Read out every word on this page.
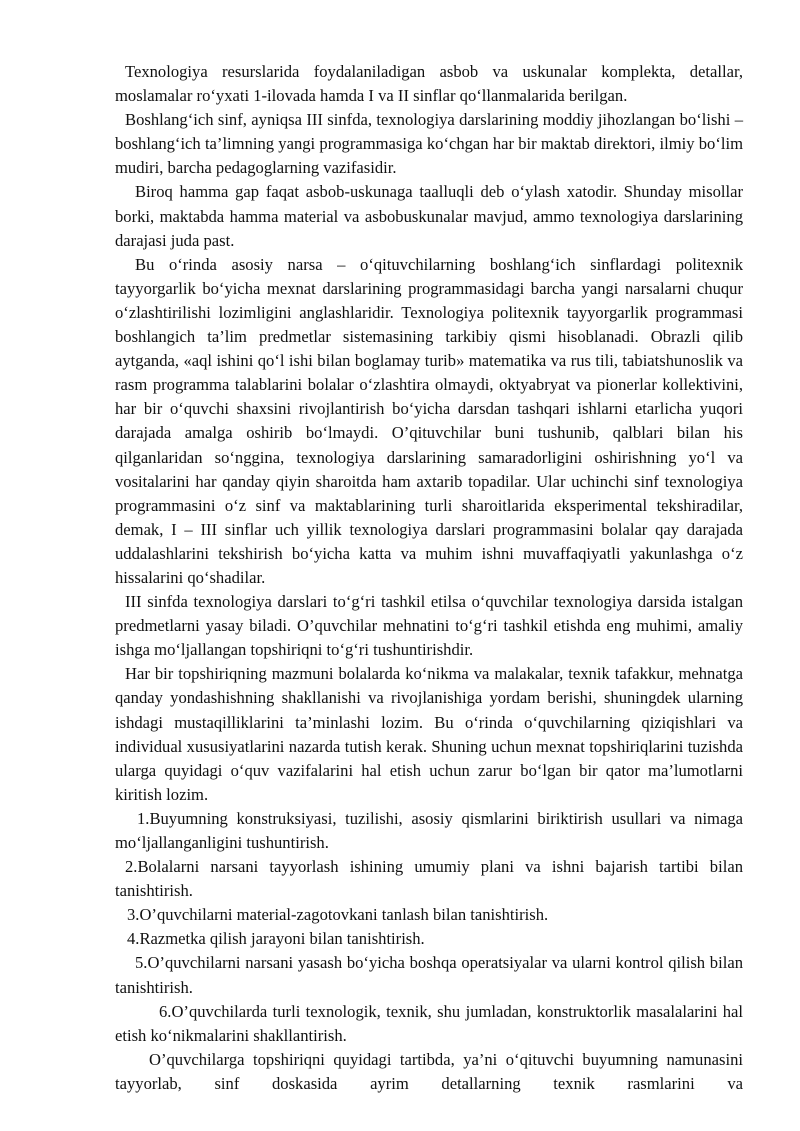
Texnologiya resurslarida foydalaniladigan asbob va uskunalar komplekta, detallar, moslamalar ro‘yxati 1-ilovada hamda I va II sinflar qo‘llanmalarida berilgan.

Boshlang‘ich sinf, ayniqsa III sinfda, texnologiya darslarining moddiy jihozlangan bo‘lishi – boshlang‘ich ta’limning yangi programmasiga ko‘chgan har bir maktab direktori, ilmiy bo‘lim mudiri, barcha pedagoglarning vazifasidir.

Biroq hamma gap faqat asbob-uskunaga taalluqli deb o‘ylash xatodir. Shunday misollar borki, maktabda hamma material va asbobuskunalar mavjud, ammo texnologiya darslarining darajasi juda past.

Bu o‘rinda asosiy narsa – o‘qituvchilarning boshlang‘ich sinflardagi politexnik tayyorgarlik bo‘yicha mexnat darslarining programmasidagi barcha yangi narsalarni chuqur o‘zlashtirilishi lozimligini anglashlaridir. Texnologiya politexnik tayyorgarlik programmasi boshlangich ta’lim predmetlar sistemasining tarkibiy qismi hisoblanadi. Obrazli qilib aytganda, «aql ishini qo‘l ishi bilan boglamay turib» matematika va rus tili, tabiatshunoslik va rasm programma talablarini bolalar o‘zlashtira olmaydi, oktyabryat va pionerlar kollektivini, har bir o‘quvchi shaxsini rivojlantirish bo‘yicha darsdan tashqari ishlarni etarlicha yuqori darajada amalga oshirib bo‘lmaydi. O’qituvchilar buni tushunib, qalblari bilan his qilganlaridan so‘nggina, texnologiya darslarining samaradorligini oshirishning yo‘l va vositalarini har qanday qiyin sharoitda ham axtarib topadilar. Ular uchinchi sinf texnologiya programmasini o‘z sinf va maktablarining turli sharoitlarida eksperimental tekshiradilar, demak, I – III sinflar uch yillik texnologiya darslari programmasini bolalar qay darajada uddalashlarini tekshirish bo‘yicha katta va muhim ishni muvaffaqiyatli yakunlashga o‘z hissalarini qo‘shadilar.

III sinfda texnologiya darslari to‘g‘ri tashkil etilsa o‘quvchilar texnologiya darsida istalgan predmetlarni yasay biladi. O’quvchilar mehnatini to‘g‘ri tashkil etishda eng muhimi, amaliy ishga mo‘ljallangan topshiriqni to‘g‘ri tushuntirishdir.

Har bir topshiriqning mazmuni bolalarda ko‘nikma va malakalar, texnik tafakkur, mehnatga qanday yondashishning shakllanishi va rivojlanishiga yordam berishi, shuningdek ularning ishdagi mustaqilliklarini ta’minlashi lozim. Bu o‘rinda o‘quvchilarning qiziqishlari va individual xususiyatlarini nazarda tutish kerak. Shuning uchun mexnat topshiriqlarini tuzishda ularga quyidagi o‘quv vazifalarini hal etish uchun zarur bo‘lgan bir qator ma’lumotlarni kiritish lozim.

1.Buyumning konstruksiyasi, tuzilishi, asosiy qismlarini biriktirish usullari va nimaga mo‘ljallanganligini tushuntirish.

2.Bolalarni narsani tayyorlash ishining umumiy plani va ishni bajarish tartibi bilan tanishtirish.

3.O’quvchilarni material-zagotovkani tanlash bilan tanishtirish.

4.Razmetka qilish jarayoni bilan tanishtirish.

5.O’quvchilarni narsani yasash bo‘yicha boshqa operatsiyalar va ularni kontrol qilish bilan tanishtirish.

6.O’quvchilarda turli texnologik, texnik, shu jumladan, konstruktorlik masalalarini hal etish ko‘nikmalarini shakllantirish.

O’quvchilarga topshiriqni quyidagi tartibda, ya’ni o‘qituvchi buyumning namunasini tayyorlab, sinf doskasida ayrim detallarning texnik rasmlarini va
